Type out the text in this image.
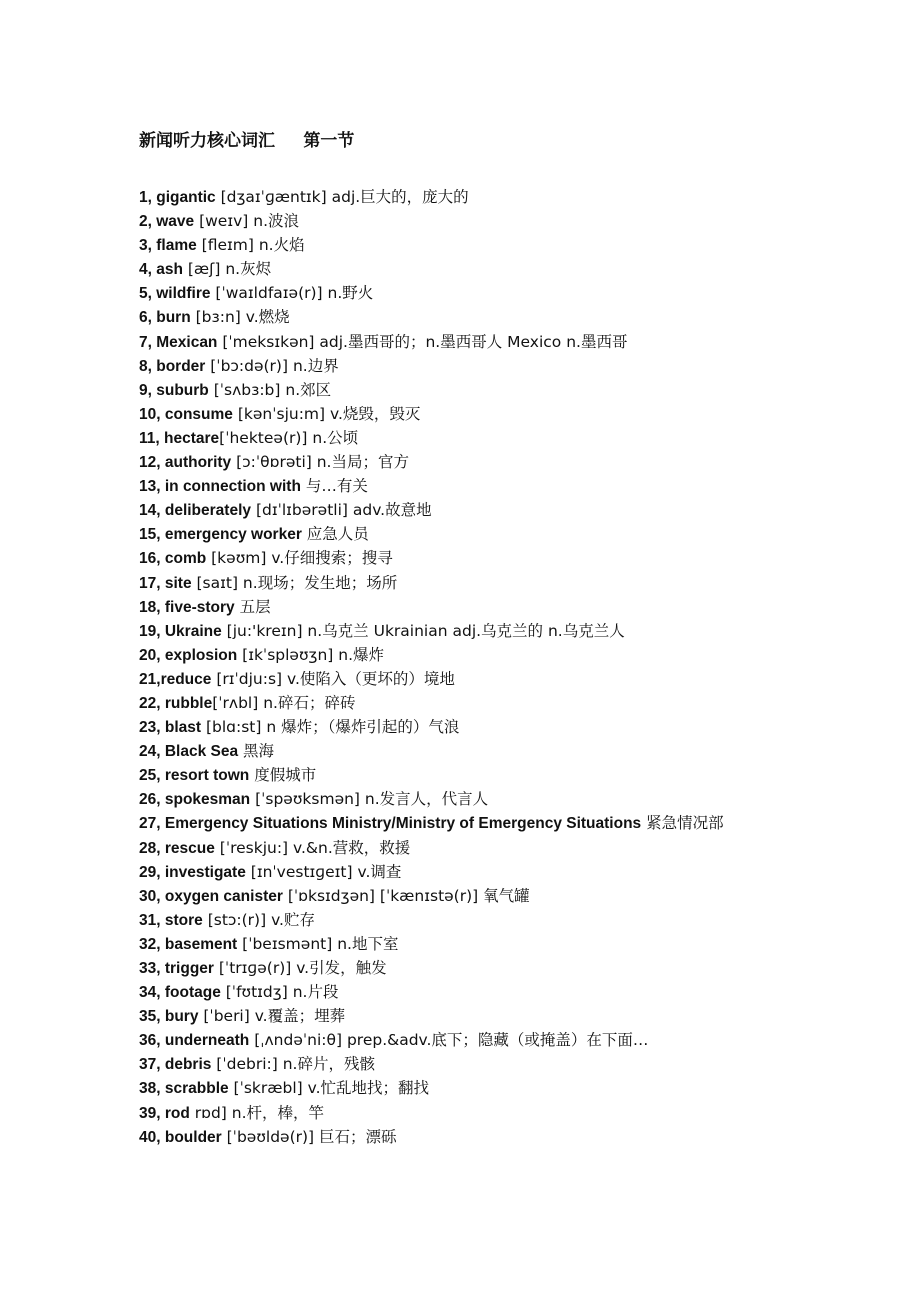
新闻听力核心词汇      第一节
1, gigantic [dʒaɪˈɡæntɪk] adj.巨大的，庞大的
2, wave [weɪv] n.波浪
3, flame [fleɪm] n.火焰
4, ash [æʃ] n.灰烬
5, wildfire [ˈwaɪldfaɪə(r)] n.野火
6, burn [bɜ:n] v.燃烧
7, Mexican [ˈmeksɪkən] adj.墨西哥的；n.墨西哥人 Mexico n.墨西哥
8, border [ˈbɔ:də(r)] n.边界
9, suburb [ˈsʌbɜ:b] n.郊区
10, consume [kənˈsju:m] v.烧毁，毁灭
11, hectare[ˈhekteə(r)] n.公顷
12, authority [ɔ:ˈθɒrəti] n.当局；官方
13, in connection with 与…有关
14, deliberately [dɪˈlɪbərətli] adv.故意地
15, emergency worker 应急人员
16, comb [kəʊm] v.仔细搜索；搜寻
17, site [saɪt] n.现场；发生地；场所
18, five-story 五层
19, Ukraine [ju:'kreɪn] n.乌克兰 Ukrainian adj.乌克兰的 n.乌克兰人
20, explosion [ɪkˈspləʊʒn] n.爆炸
21,reduce [rɪˈdju:s] v.使陷入（更坏的）境地
22, rubble[ˈrʌbl] n.碎石；碎砖
23, blast [blɑ:st] n 爆炸；（爆炸引起的）气浪
24, Black Sea 黑海
25, resort town 度假城市
26, spokesman [ˈspəʊksmən] n.发言人，代言人
27, Emergency Situations Ministry/Ministry of Emergency Situations 紧急情况部
28, rescue [ˈreskju:] v.&n.营救，救援
29, investigate [ɪnˈvestɪɡeɪt] v.调查
30, oxygen canister [ˈɒksɪdʒən] [ˈkænɪstə(r)] 氧气罐
31, store [stɔ:(r)] v.贮存
32, basement [ˈbeɪsmənt] n.地下室
33, trigger [ˈtrɪɡə(r)] v.引发，触发
34, footage [ˈfʊtɪdʒ] n.片段
35, bury [ˈberi] v.覆盖；埋葬
36, underneath [ˌʌndəˈni:θ] prep.&adv.底下；隐藏（或掩盖）在下面…
37, debris [ˈdebri:] n.碎片，残骸
38, scrabble [ˈskræbl] v.忙乱地找；翻找
39, rod rɒd] n.杆，棒，竿
40, boulder [ˈbəʊldə(r)] 巨石；漂砾
